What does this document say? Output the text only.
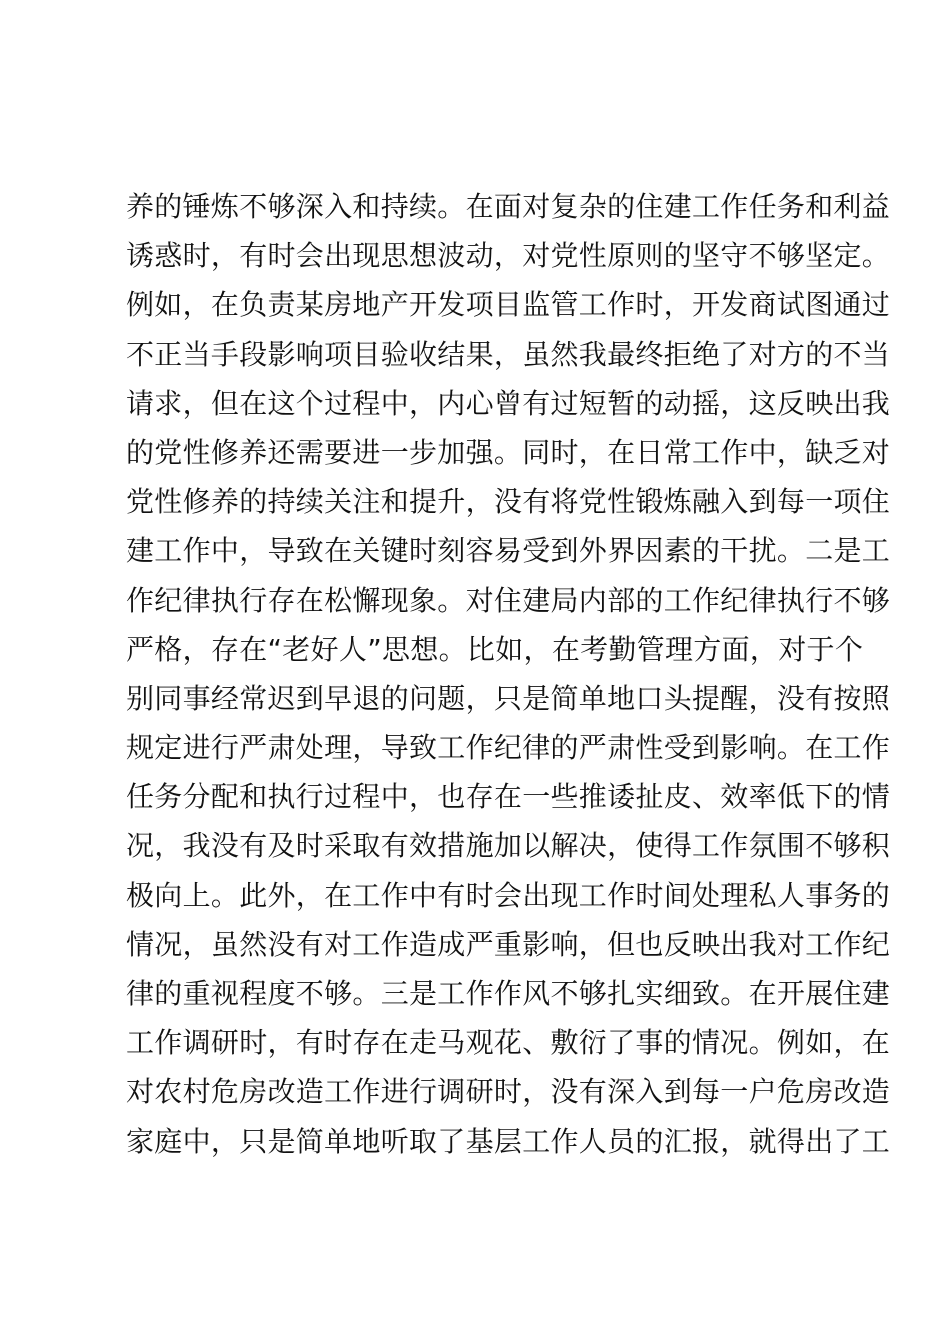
养的锤炼不够深入和持续。在面对复杂的住建工作任务和利益
诱惑时，有时会出现思想波动，对党性原则的坚守不够坚定。
例如，在负责某房地产开发项目监管工作时，开发商试图通过
不正当手段影响项目验收结果，虽然我最终拒绝了对方的不当
请求，但在这个过程中，内心曾有过短暂的动摇，这反映出我
的党性修养还需要进一步加强。同时，在日常工作中，缺乏对
党性修养的持续关注和提升，没有将党性锻炼融入到每一项住
建工作中，导致在关键时刻容易受到外界因素的干扰。二是工
作纪律执行存在松懈现象。对住建局内部的工作纪律执行不够
严格，存在“老好人”思想。比如，在考勤管理方面，对于个
别同事经常迟到早退的问题，只是简单地口头提醒，没有按照
规定进行严肃处理，导致工作纪律的严肃性受到影响。在工作
任务分配和执行过程中，也存在一些推诿扯皮、效率低下的情
况，我没有及时采取有效措施加以解决，使得工作氛围不够积
极向上。此外，在工作中有时会出现工作时间处理私人事务的
情况，虽然没有对工作造成严重影响，但也反映出我对工作纪
律的重视程度不够。三是工作作风不够扎实细致。在开展住建
工作调研时，有时存在走马观花、敷衍了事的情况。例如，在
对农村危房改造工作进行调研时，没有深入到每一户危房改造
家庭中，只是简单地听取了基层工作人员的汇报，就得出了工
